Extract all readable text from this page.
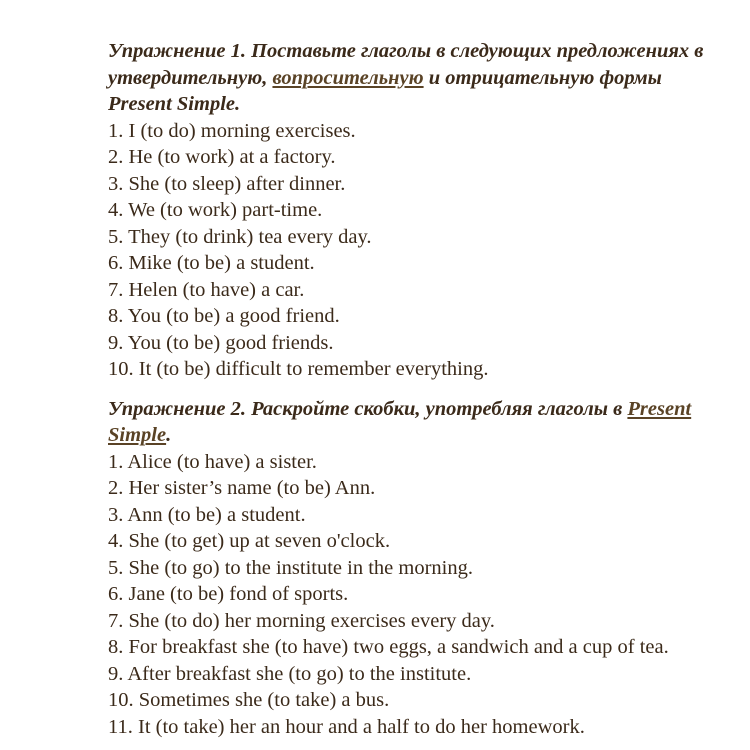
Упражнение 1. Поставьте глаголы в следующих предложениях в утвердительную, вопросительную и отрицательную формы Present Simple.

1. I (to do) morning exercises.
2. He (to work) at a factory.
3. She (to sleep) after dinner.
4. We (to work) part-time.
5. They (to drink) tea every day.
6. Mike (to be) a student.
7. Helen (to have) a car.
8. You (to be) a good friend.
9. You (to be) good friends.
10. It (to be) difficult to remember everything.

Упражнение 2. Раскройте скобки, употребляя глаголы в Present Simple.

1. Alice (to have) a sister.
2. Her sister’s name (to be) Ann.
3. Ann (to be) a student.
4. She (to get) up at seven o'clock.
5. She (to go) to the institute in the morning.
6. Jane (to be) fond of sports.
7. She (to do) her morning exercises every day.
8. For breakfast she (to have) two eggs, a sandwich and a cup of tea.
9. After breakfast she (to go) to the institute.
10. Sometimes she (to take) a bus.
11. It (to take) her an hour and a half to do her homework.
